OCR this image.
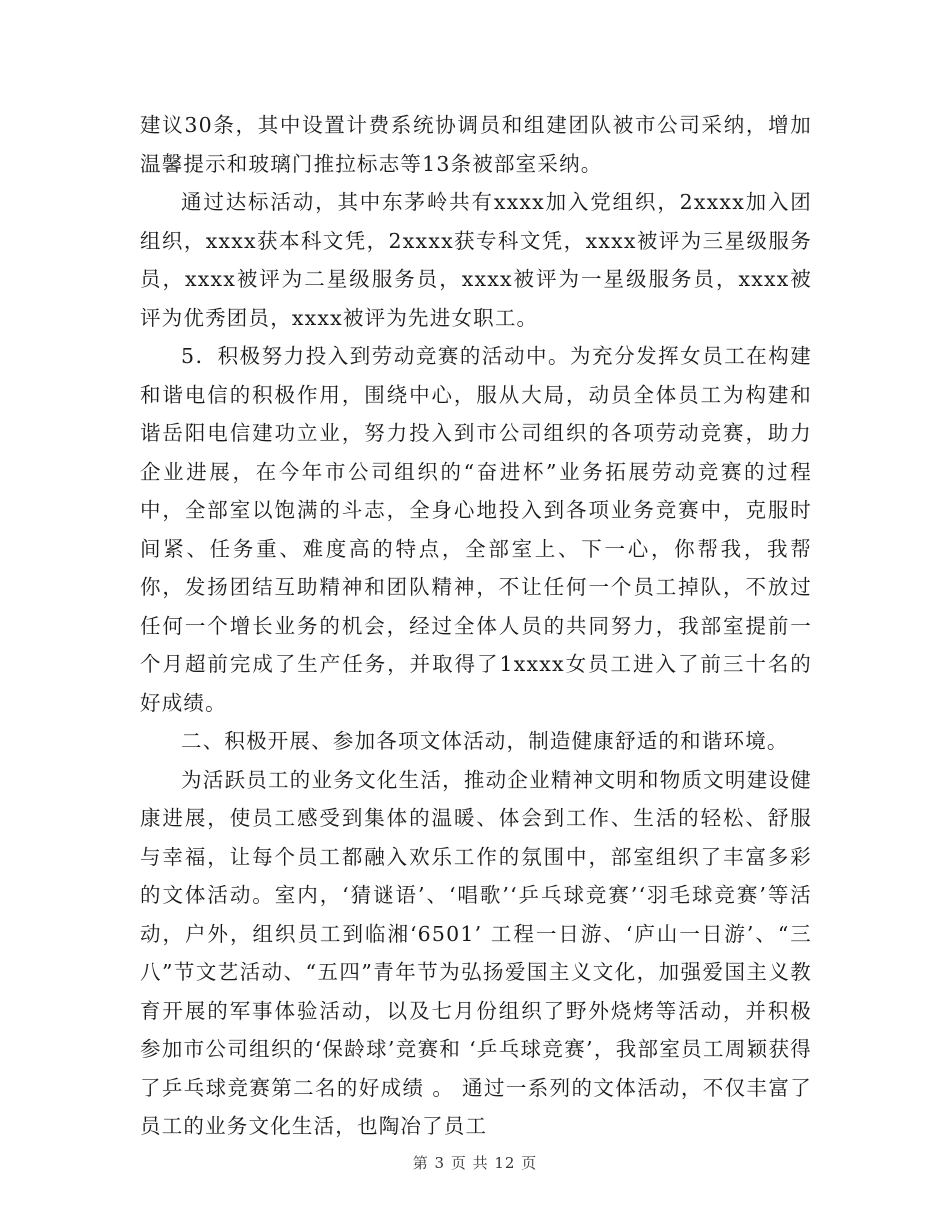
建议30条，其中设置计费系统协调员和组建团队被市公司采纳，增加温馨提示和玻璃门推拉标志等13条被部室采纳。

通过达标活动，其中东茅岭共有xxxx加入党组织，2xxxx加入团组织，xxxx获本科文凭，2xxxx获专科文凭，xxxx被评为三星级服务员，xxxx被评为二星级服务员，xxxx被评为一星级服务员，xxxx被评为优秀团员，xxxx被评为先进女职工。

5．积极努力投入到劳动竞赛的活动中。为充分发挥女员工在构建和谐电信的积极作用，围绕中心，服从大局，动员全体员工为构建和谐岳阳电信建功立业，努力投入到市公司组织的各项劳动竞赛，助力企业进展，在今年市公司组织的“奋进杯”业务拓展劳动竞赛的过程中，全部室以饱满的斗志，全身心地投入到各项业务竞赛中，克服时间紧、任务重、难度高的特点，全部室上、下一心，你帮我，我帮你，发扬团结互助精神和团队精神，不让任何一个员工掉队，不放过任何一个增长业务的机会，经过全体人员的共同努力，我部室提前一个月超前完成了生产任务，并取得了1xxxx女员工进入了前三十名的好成绩。

二、积极开展、参加各项文体活动，制造健康舒适的和谐环境。

为活跃员工的业务文化生活，推动企业精神文明和物质文明建设健康进展，使员工感受到集体的温暖、体会到工作、生活的轻松、舒服与幸福，让每个员工都融入欢乐工作的氛围中，部室组织了丰富多彩的文体活动。室内，‘猜谜语’、‘唱歌’‘乒乓球竞赛’‘羽毛球竞赛’等活动，户外，组织员工到临湘‘6501’ 工程一日游、‘庐山一日游’、“三八”节文艺活动、“五四”青年节为弘扬爱国主义文化，加强爱国主义教育开展的军事体验活动，以及七月份组织了野外烧烤等活动，并积极参加市公司组织的‘保龄球’竞赛和 ‘乒乓球竞赛’，我部室员工周颖获得了乒乓球竞赛第二名的好成绩 。 通过一系列的文体活动，不仅丰富了员工的业务文化生活，也陶冶了员工

第 3 页 共 12 页
